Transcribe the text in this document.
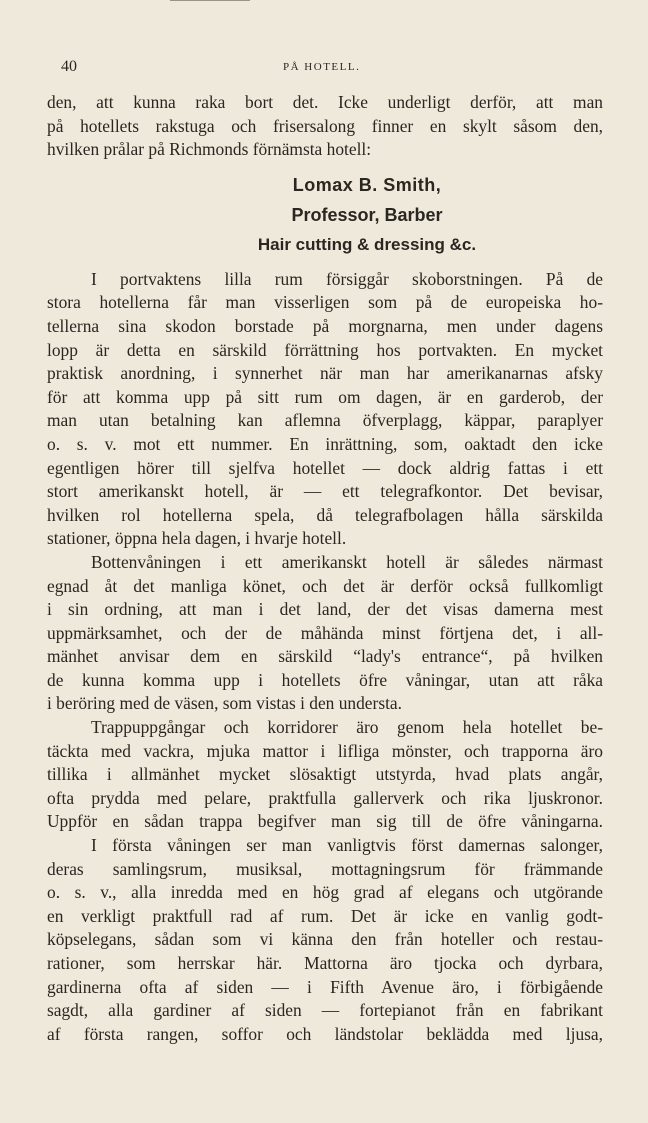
40	PÅ HOTELL.
den, att kunna raka bort det. Icke underligt derför, att man
på hotellets rakstuga och frisersalong finner en skylt såsom den,
hvilken prålar på Richmonds förnämsta hotell:
Lomax B. Smith,
Professor, Barber
Hair cutting & dressing &c.
I portvaktens lilla rum försiggår skoborstningen. På de
stora hotellerna får man visserligen som på de europeiska ho-
tellerna sina skodon borstade på morgnarna, men under dagens
lopp är detta en särskild förrättning hos portvakten. En mycket
praktisk anordning, i synnerhet när man har amerikanarnas afsky
för att komma upp på sitt rum om dagen, är en garderob, der
man utan betalning kan aflemna öfverplagg, käppar, paraplyer
o. s. v. mot ett nummer. En inrättning, som, oaktadt den icke
egentligen hörer till sjelfva hotellet — dock aldrig fattas i ett
stort amerikanskt hotell, är — ett telegrafkontor. Det bevisar,
hvilken rol hotellerna spela, då telegrafbolagen hålla särskilda
stationer, öppna hela dagen, i hvarje hotell.
Bottenvåningen i ett amerikanskt hotell är således närmast
egnad åt det manliga könet, och det är derför också fullkomligt
i sin ordning, att man i det land, der det visas damerna mest
uppmärksamhet, och der de måhända minst förtjena det, i all-
mänhet anvisar dem en särskild “lady's entrance“, på hvilken
de kunna komma upp i hotellets öfre våningar, utan att råka
i beröring med de väsen, som vistas i den understa.
Trappuppgångar och korridorer äro genom hela hotellet be-
täckta med vackra, mjuka mattor i lifliga mönster, och trapporna äro
tillika i allmänhet mycket slösaktigt utstyrda, hvad plats angår,
ofta prydda med pelare, praktfulla gallerverk och rika ljuskronor.
Uppför en sådan trappa begifver man sig till de öfre våningarna.
I första våningen ser man vanligtvis först damernas salonger,
deras samlingsrum, musiksal, mottagningsrum för främmande
o. s. v., alla inredda med en hög grad af elegans och utgörande
en verkligt praktfull rad af rum. Det är icke en vanlig godt-
köpselegans, sådan som vi känna den från hoteller och restau-
rationer, som herrskar här. Mattorna äro tjocka och dyrbara,
gardinerna ofta af siden — i Fifth Avenue äro, i förbigående
sagdt, alla gardiner af siden — fortepianot från en fabrikant
af första rangen, soffor och ländstolar beklädda med ljusa,
